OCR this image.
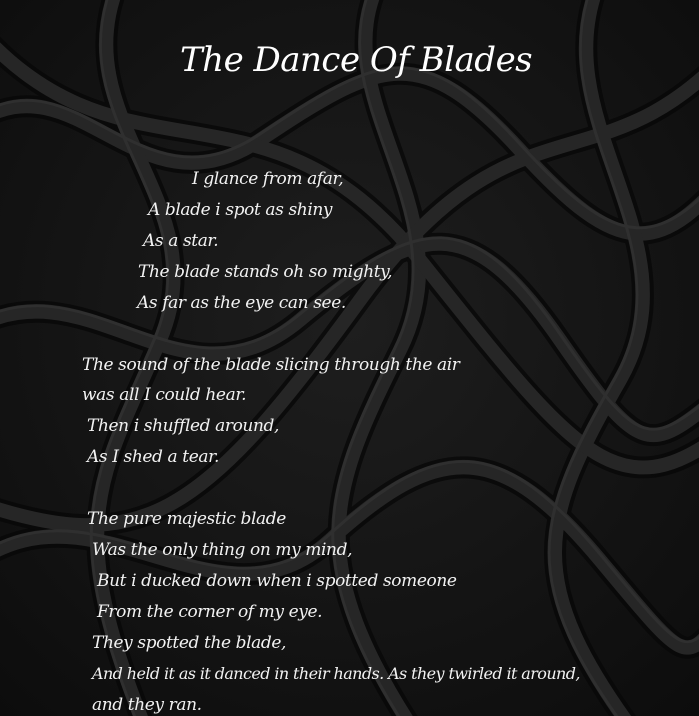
The Dance Of Blades

I glance from afar,

A blade i spot as shiny

As a star.

The blade stands oh so mighty,

As far as the eye can see.

The sound of the blade slicing through the air

was all I could hear.

Then i shuffled around,

As I shed a tear.

The pure majestic blade

Was the only thing on my mind,

But i ducked down when i spotted someone

From the corner of my eye.

They spotted the blade,

And held it as it danced in their hands. As they twirled it around,

and they ran.
